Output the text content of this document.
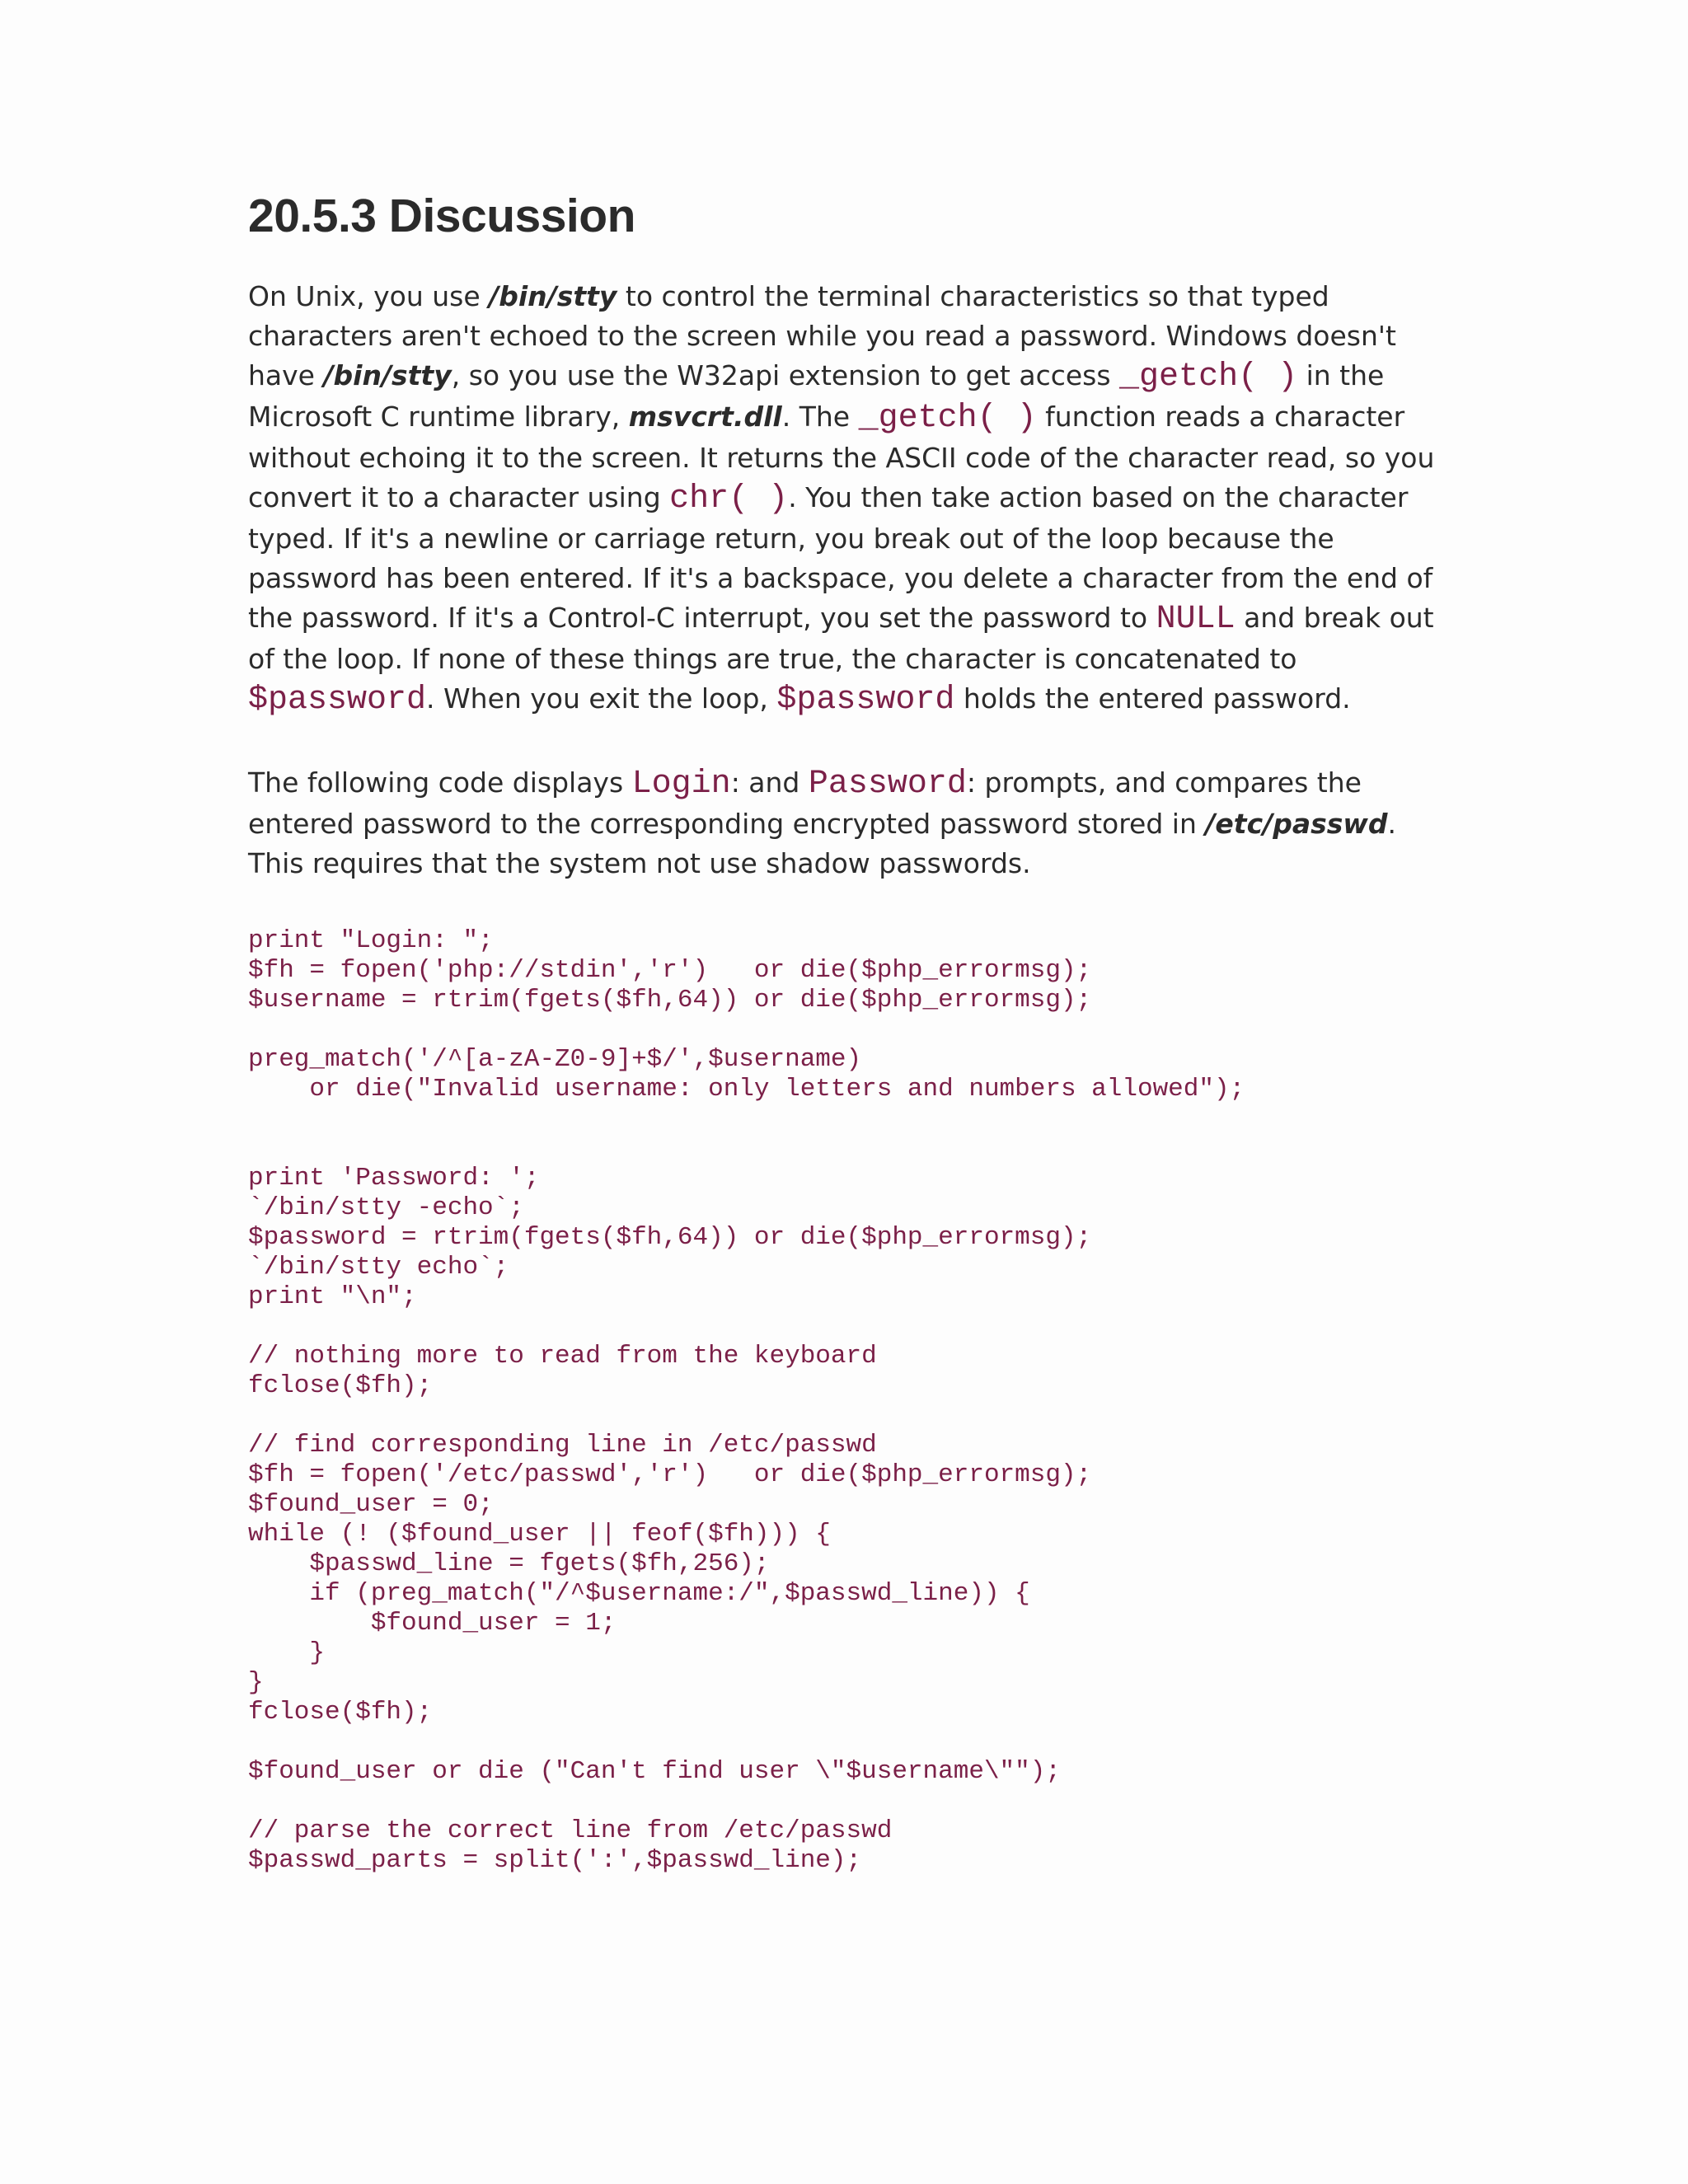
20.5.3 Discussion

On Unix, you use /bin/stty to control the terminal characteristics so that typed characters aren't echoed to the screen while you read a password. Windows doesn't have /bin/stty, so you use the W32api extension to get access _getch( ) in the Microsoft C runtime library, msvcrt.dll. The _getch( ) function reads a character without echoing it to the screen. It returns the ASCII code of the character read, so you convert it to a character using chr( ). You then take action based on the character typed. If it's a newline or carriage return, you break out of the loop because the password has been entered. If it's a backspace, you delete a character from the end of the password. If it's a Control-C interrupt, you set the password to NULL and break out of the loop. If none of these things are true, the character is concatenated to $password. When you exit the loop, $password holds the entered password.

The following code displays Login: and Password: prompts, and compares the entered password to the corresponding encrypted password stored in /etc/passwd. This requires that the system not use shadow passwords.

print "Login: ";
$fh = fopen('php://stdin','r')   or die($php_errormsg);
$username = rtrim(fgets($fh,64)) or die($php_errormsg);

preg_match('/^[a-zA-Z0-9]+$/',$username)
or die("Invalid username: only letters and numbers allowed");

print 'Password: ';
`/bin/stty -echo`;
$password = rtrim(fgets($fh,64)) or die($php_errormsg);
`/bin/stty echo`;
print "\n";

// nothing more to read from the keyboard
fclose($fh);

// find corresponding line in /etc/passwd
$fh = fopen('/etc/passwd','r')   or die($php_errormsg);
$found_user = 0;
while (! ($found_user || feof($fh))) {
$passwd_line = fgets($fh,256);
if (preg_match("/^$username:/",$passwd_line)) {
$found_user = 1;
}
}
fclose($fh);

$found_user or die ("Can't find user \"$username\"");

// parse the correct line from /etc/passwd
$passwd_parts = split(':',$passwd_line);
